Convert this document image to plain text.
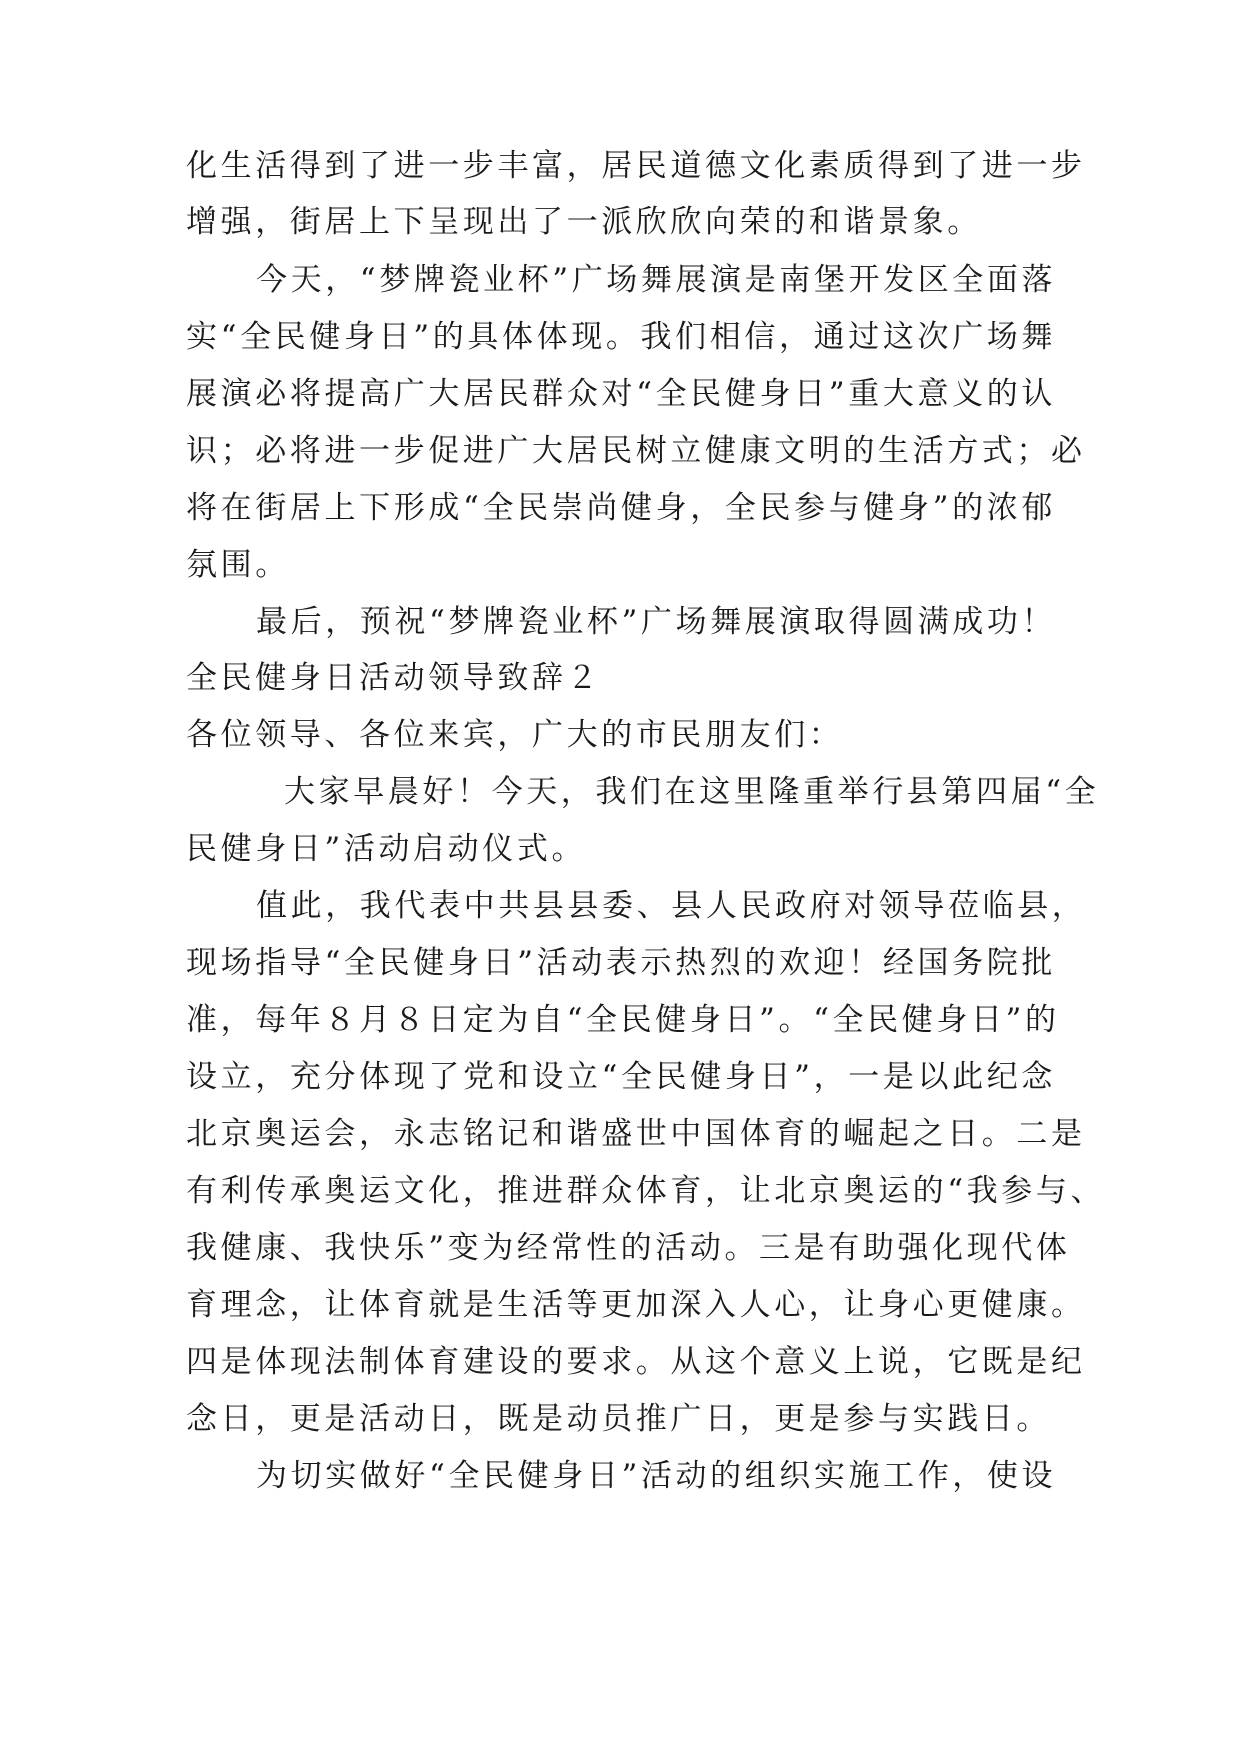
化生活得到了进一步丰富，居民道德文化素质得到了进一步
增强，街居上下呈现出了一派欣欣向荣的和谐景象。
今天，“梦牌瓷业杯”广场舞展演是南堡开发区全面落
实“全民健身日”的具体体现。我们相信，通过这次广场舞
展演必将提高广大居民群众对“全民健身日”重大意义的认
识；必将进一步促进广大居民树立健康文明的生活方式；必
将在街居上下形成“全民崇尚健身，全民参与健身”的浓郁
氛围。
最后，预祝“梦牌瓷业杯”广场舞展演取得圆满成功！
全民健身日活动领导致辞２
各位领导、各位来宾，广大的市民朋友们：
大家早晨好！今天，我们在这里隆重举行县第四届“全
民健身日”活动启动仪式。
值此，我代表中共县县委、县人民政府对领导莅临县，
现场指导“全民健身日”活动表示热烈的欢迎！经国务院批
准，每年８月８日定为自“全民健身日”。“全民健身日”的
设立，充分体现了党和设立“全民健身日”，一是以此纪念
北京奥运会，永志铭记和谐盛世中国体育的崛起之日。二是
有利传承奥运文化，推进群众体育，让北京奥运的“我参与、
我健康、我快乐”变为经常性的活动。三是有助强化现代体
育理念，让体育就是生活等更加深入人心，让身心更健康。
四是体现法制体育建设的要求。从这个意义上说，它既是纪
念日，更是活动日，既是动员推广日，更是参与实践日。
为切实做好“全民健身日”活动的组织实施工作，使设
